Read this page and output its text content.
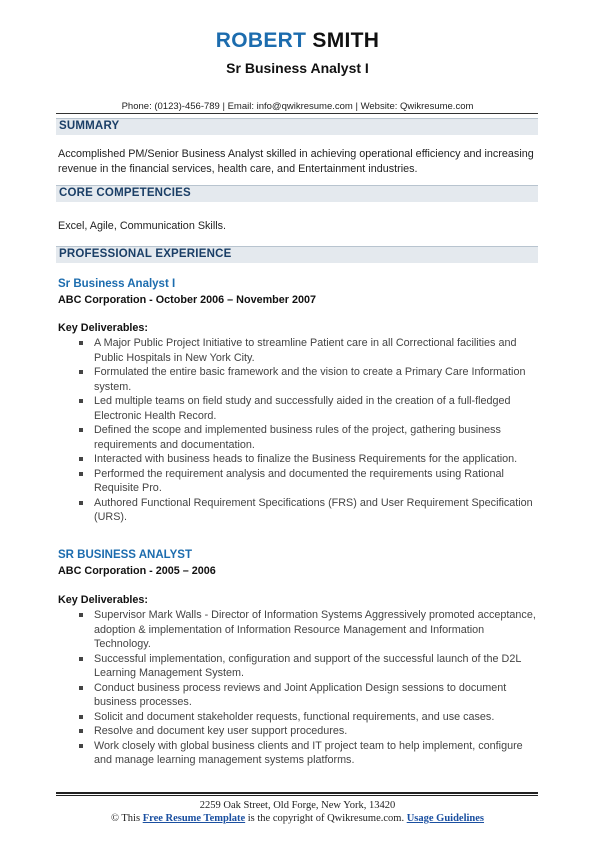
ROBERT SMITH
Sr Business Analyst I
Phone: (0123)-456-789 | Email: info@qwikresume.com | Website: Qwikresume.com
SUMMARY
Accomplished PM/Senior Business Analyst skilled in achieving operational efficiency and increasing revenue in the financial services, health care, and Entertainment industries.
CORE COMPETENCIES
Excel, Agile, Communication Skills.
PROFESSIONAL EXPERIENCE
Sr Business Analyst I
ABC Corporation - October 2006 – November 2007
Key Deliverables:
A Major Public Project Initiative to streamline Patient care in all Correctional facilities and Public Hospitals in New York City.
Formulated the entire basic framework and the vision to create a Primary Care Information system.
Led multiple teams on field study and successfully aided in the creation of a full-fledged Electronic Health Record.
Defined the scope and implemented business rules of the project, gathering business requirements and documentation.
Interacted with business heads to finalize the Business Requirements for the application.
Performed the requirement analysis and documented the requirements using Rational Requisite Pro.
Authored Functional Requirement Specifications (FRS) and User Requirement Specification (URS).
SR BUSINESS ANALYST
ABC Corporation - 2005 – 2006
Key Deliverables:
Supervisor Mark Walls - Director of Information Systems Aggressively promoted acceptance, adoption & implementation of Information Resource Management and Information Technology.
Successful implementation, configuration and support of the successful launch of the D2L Learning Management System.
Conduct business process reviews and Joint Application Design sessions to document business processes.
Solicit and document stakeholder requests, functional requirements, and use cases.
Resolve and document key user support procedures.
Work closely with global business clients and IT project team to help implement, configure and manage learning management systems platforms.
2259 Oak Street, Old Forge, New York, 13420
© This Free Resume Template is the copyright of Qwikresume.com. Usage Guidelines
